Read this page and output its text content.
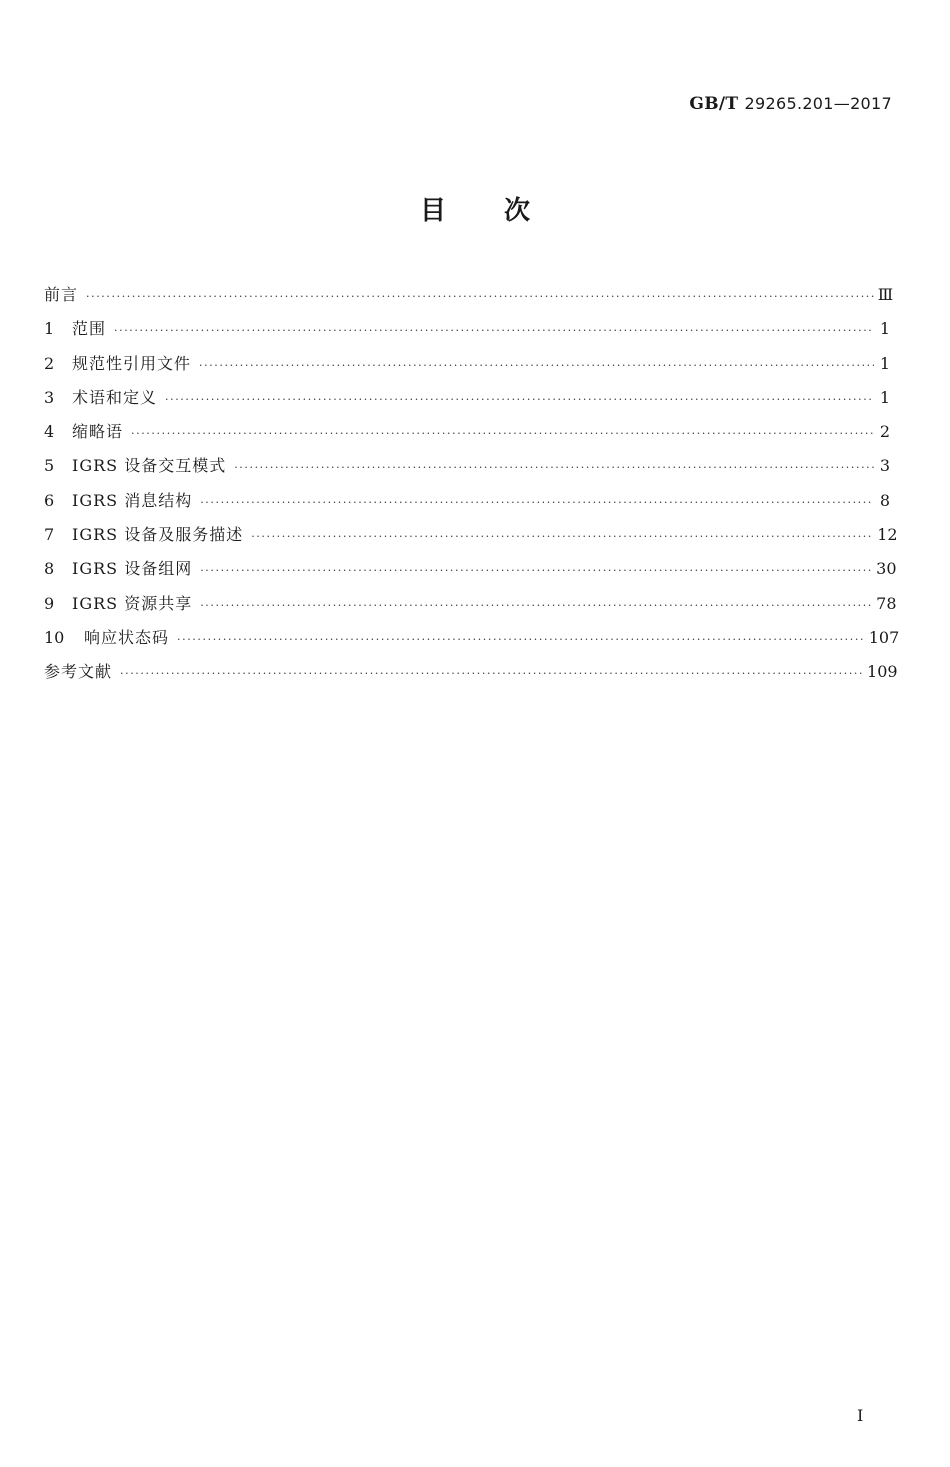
GB/T 29265.201—2017
目次
前言 ·····	Ⅲ
1	范围 ·····	1
2	规范性引用文件 ·····	1
3	术语和定义 ·····	1
4	缩略语 ·····	2
5	IGRS 设备交互模式 ·····	3
6	IGRS 消息结构 ·····	8
7	IGRS 设备及服务描述 ·····	12
8	IGRS 设备组网 ·····	30
9	IGRS 资源共享 ·····	78
10	响应状态码 ·····	107
参考文献 ·····	109
I
